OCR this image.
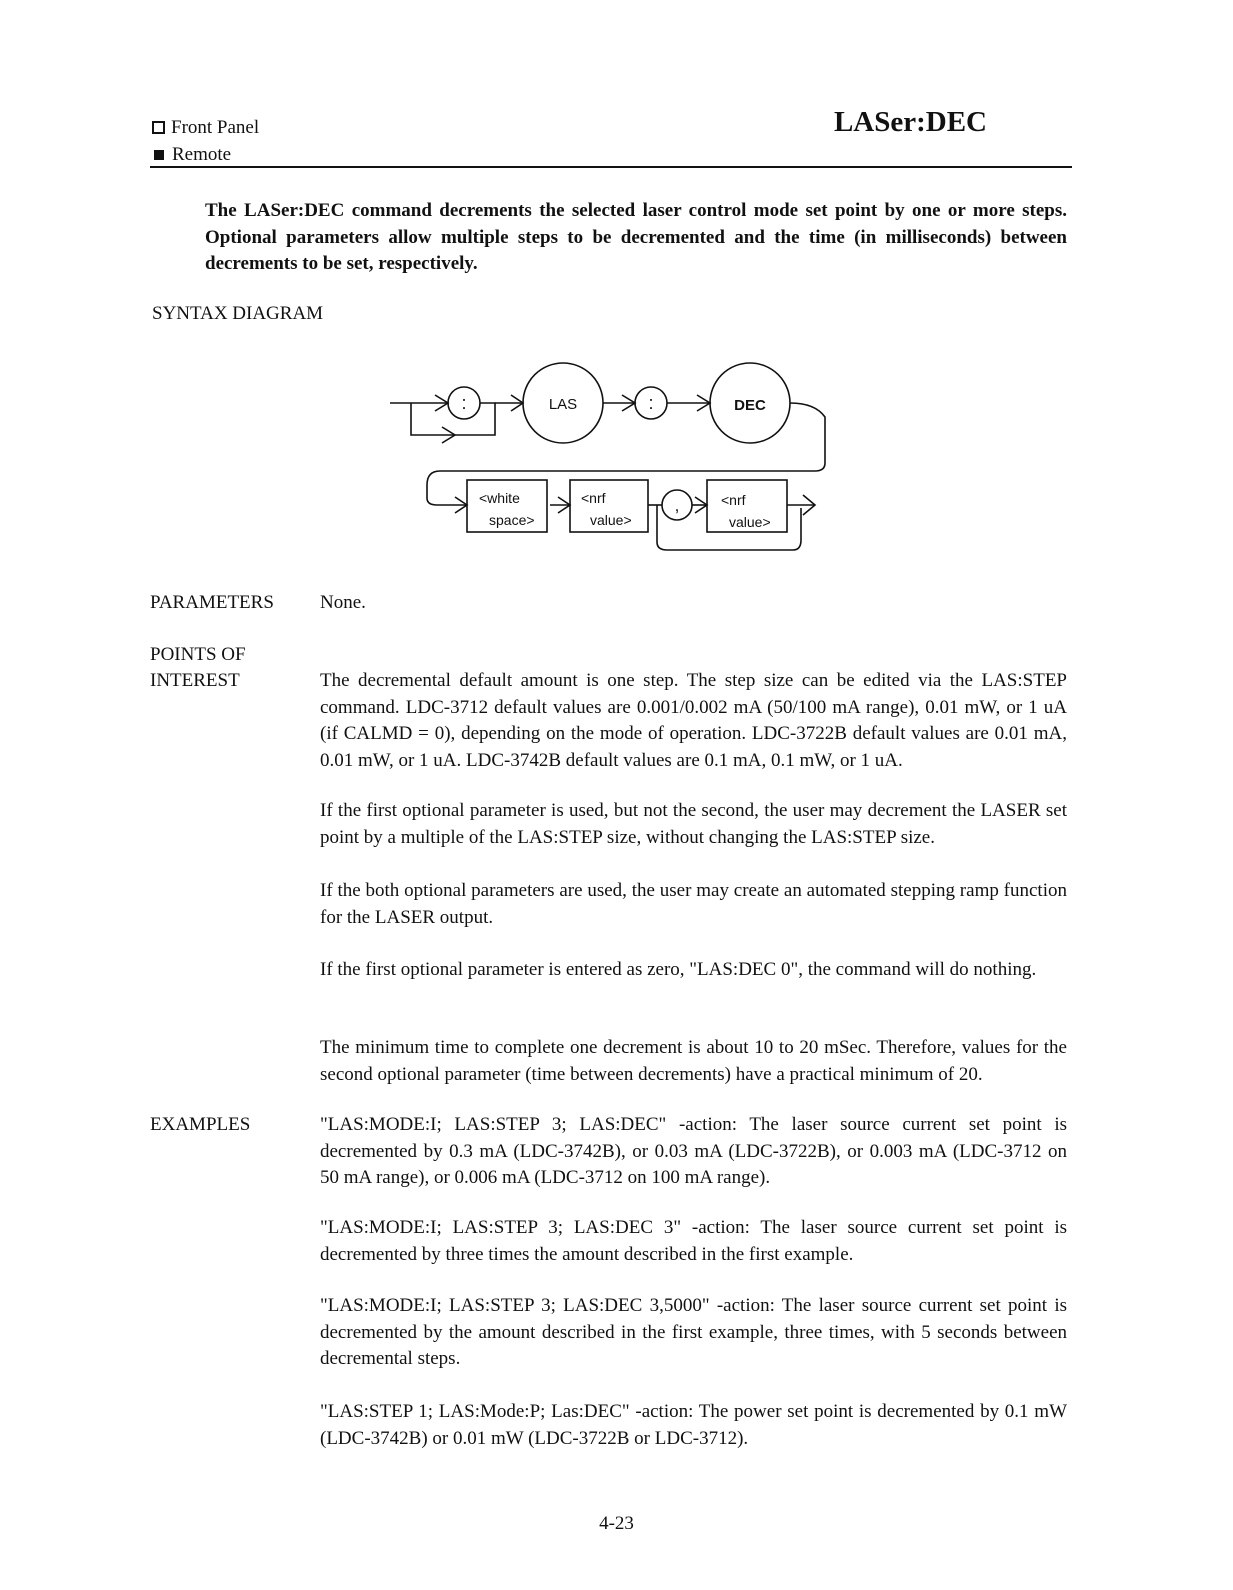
Front Panel
Remote
LASer:DEC
The LASer:DEC command decrements the selected laser control mode set point by one or more steps. Optional parameters allow multiple steps to be decremented and the time (in milliseconds) between decrements to be set, respectively.
SYNTAX DIAGRAM
:	LAS	:	DEC
<white
space>
<nrf
value>
,	<nrf
value>
PARAMETERS None.
POINTS OF
INTEREST	The decremental default amount is one step. The step size can be edited via the LAS:STEP command. LDC-3712 default values are 0.001/0.002 mA (50/100 mA range), 0.01 mW, or 1 uA (if CALMD = 0), depending on the mode of operation. LDC-3722B default values are 0.01 mA, 0.01 mW, or 1 uA. LDC-3742B default values are 0.1 mA, 0.1 mW, or 1 uA.
If the first optional parameter is used, but not the second, the user may decrement the LASER set point by a multiple of the LAS:STEP size, without changing the LAS:STEP size.
If the both optional parameters are used, the user may create an automated stepping ramp function for the LASER output.
If the first optional parameter is entered as zero, "LAS:DEC 0", the command will do nothing.
The minimum time to complete one decrement is about 10 to 20 mSec. Therefore, values for the second optional parameter (time between decrements) have a practical minimum of 20.
EXAMPLES	"LAS:MODE:I; LAS:STEP 3; LAS:DEC" -action: The laser source current set point is decremented by 0.3 mA (LDC-3742B), or 0.03 mA (LDC-3722B), or 0.003 mA (LDC-3712 on 50 mA range), or 0.006 mA (LDC-3712 on 100 mA range).
"LAS:MODE:I; LAS:STEP 3; LAS:DEC 3" -action: The laser source current set point is decremented by three times the amount described in the first example.
"LAS:MODE:I; LAS:STEP 3; LAS:DEC 3,5000" -action: The laser source current set point is decremented by the amount described in the first example, three times, with 5 seconds between decremental steps.
"LAS:STEP 1; LAS:Mode:P; Las:DEC" -action: The power set point is decremented by 0.1 mW (LDC-3742B) or 0.01 mW (LDC-3722B or LDC-3712).
4-23
